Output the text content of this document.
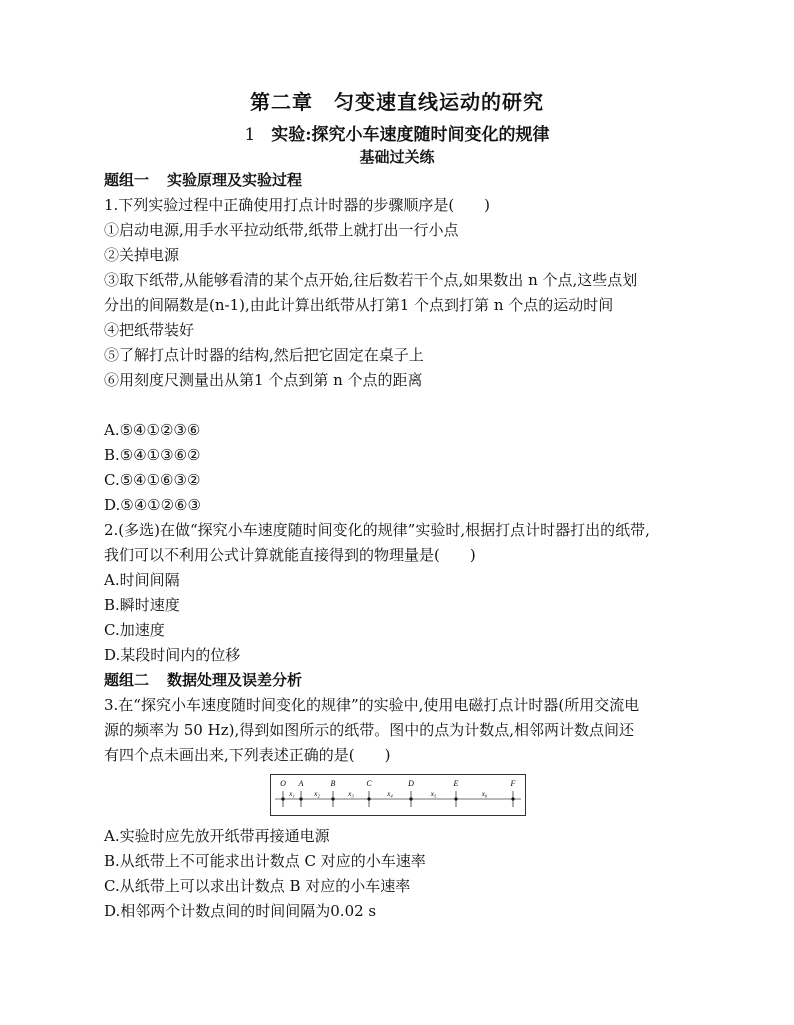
第二章　匀变速直线运动的研究
1 实验:探究小车速度随时间变化的规律
基础过关练
题组一 实验原理及实验过程
1.下列实验过程中正确使用打点计时器的步骤顺序是(　　)
①启动电源,用手水平拉动纸带,纸带上就打出一行小点
②关掉电源
③取下纸带,从能够看清的某个点开始,往后数若干个点,如果数出 n 个点,这些点划
分出的间隔数是(n-1),由此计算出纸带从打第1 个点到打第 n 个点的运动时间
④把纸带装好
⑤了解打点计时器的结构,然后把它固定在桌子上
⑥用刻度尺测量出从第1 个点到第 n 个点的距离
A.⑤④①②③⑥
B.⑤④①③⑥②
C.⑤④①⑥③②
D.⑤④①②⑥③
2.(多选)在做“探究小车速度随时间变化的规律”实验时,根据打点计时器打出的纸带,
我们可以不利用公式计算就能直接得到的物理量是(　　)
A.时间间隔
B.瞬时速度
C.加速度
D.某段时间内的位移
题组二 数据处理及误差分析
3.在“探究小车速度随时间变化的规律”的实验中,使用电磁打点计时器(所用交流电
源的频率为 50 Hz),得到如图所示的纸带。图中的点为计数点,相邻两计数点间还
有四个点未画出来,下列表述正确的是(　　)
O A	B	C	D	E	F
x₁	x₂	x₃	x₄	x₅	x₆
A.实验时应先放开纸带再接通电源
B.从纸带上不可能求出计数点 C 对应的小车速率
C.从纸带上可以求出计数点 B 对应的小车速率
D.相邻两个计数点间的时间间隔为0.02 s
